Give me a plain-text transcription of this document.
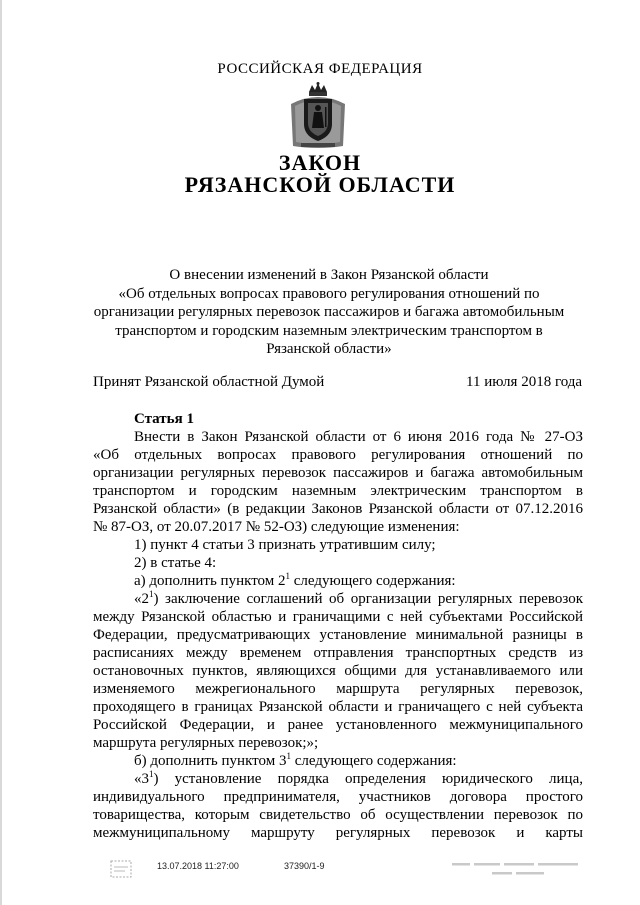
РОССИЙСКАЯ ФЕДЕРАЦИЯ
ЗАКОН
РЯЗАНСКОЙ ОБЛАСТИ
О внесении изменений в Закон Рязанской области
«Об отдельных вопросах правового регулирования отношений по
организации регулярных перевозок пассажиров и багажа автомобильным
транспортом и городским наземным электрическим транспортом в
Рязанской области»
Принят Рязанской областной Думой	11 июля 2018 года
Статья 1
Внести в Закон Рязанской области от 6 июня 2016 года № 27-ОЗ
«Об отдельных вопросах правового регулирования отношений по
организации регулярных перевозок пассажиров и багажа автомобильным
транспортом и городским наземным электрическим транспортом в
Рязанской области» (в редакции Законов Рязанской области от 07.12.2016
№ 87-ОЗ, от 20.07.2017 № 52-ОЗ) следующие изменения:
1) пункт 4 статьи 3 признать утратившим силу;
2) в статье 4:
а) дополнить пунктом $2^1$ следующего содержания:
«$2^1$) заключение соглашений об организации регулярных перевозок
между Рязанской областью и граничащими с ней субъектами Российской
Федерации, предусматривающих установление минимальной разницы в
расписаниях между временем отправления транспортных средств из
остановочных пунктов, являющихся общими для устанавливаемого или
изменяемого межрегионального маршрута регулярных перевозок,
проходящего в границах Рязанской области и граничащего с ней субъекта
Российской Федерации, и ранее установленного межмуниципального
маршрута регулярных перевозок;»;
б) дополнить пунктом $3^1$ следующего содержания:
«$3^1$) установление порядка определения юридического лица,
индивидуального предпринимателя, участников договора простого
товарищества, которым свидетельство об осуществлении перевозок по
межмуниципальному маршруту регулярных перевозок и карты
13.07.2018 11:27:00	37390/1-9
